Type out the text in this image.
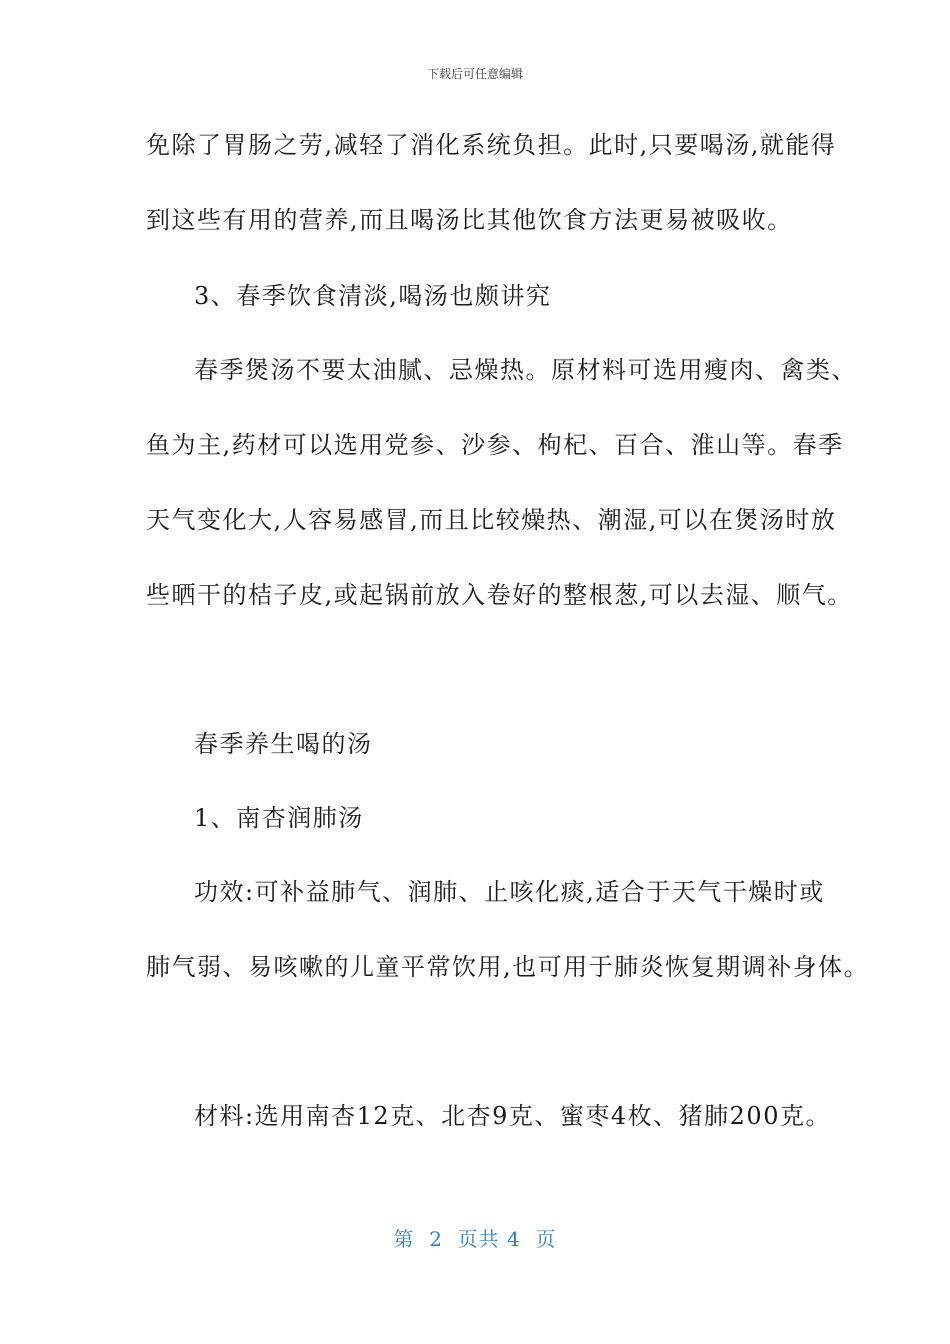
下载后可任意编辑
免除了胃肠之劳,减轻了消化系统负担。此时,只要喝汤,就能得
到这些有用的营养,而且喝汤比其他饮食方法更易被吸收。
3、春季饮食清淡,喝汤也颇讲究
春季煲汤不要太油腻、忌燥热。原材料可选用瘦肉、禽类、
鱼为主,药材可以选用党参、沙参、枸杞、百合、淮山等。春季
天气变化大,人容易感冒,而且比较燥热、潮湿,可以在煲汤时放
些晒干的桔子皮,或起锅前放入卷好的整根葱,可以去湿、顺气。
春季养生喝的汤
1、南杏润肺汤
功效:可补益肺气、润肺、止咳化痰,适合于天气干燥时或
肺气弱、易咳嗽的儿童平常饮用,也可用于肺炎恢复期调补身体。
材料:选用南杏12克、北杏9克、蜜枣4枚、猪肺200克。
第  2  页共 4  页
